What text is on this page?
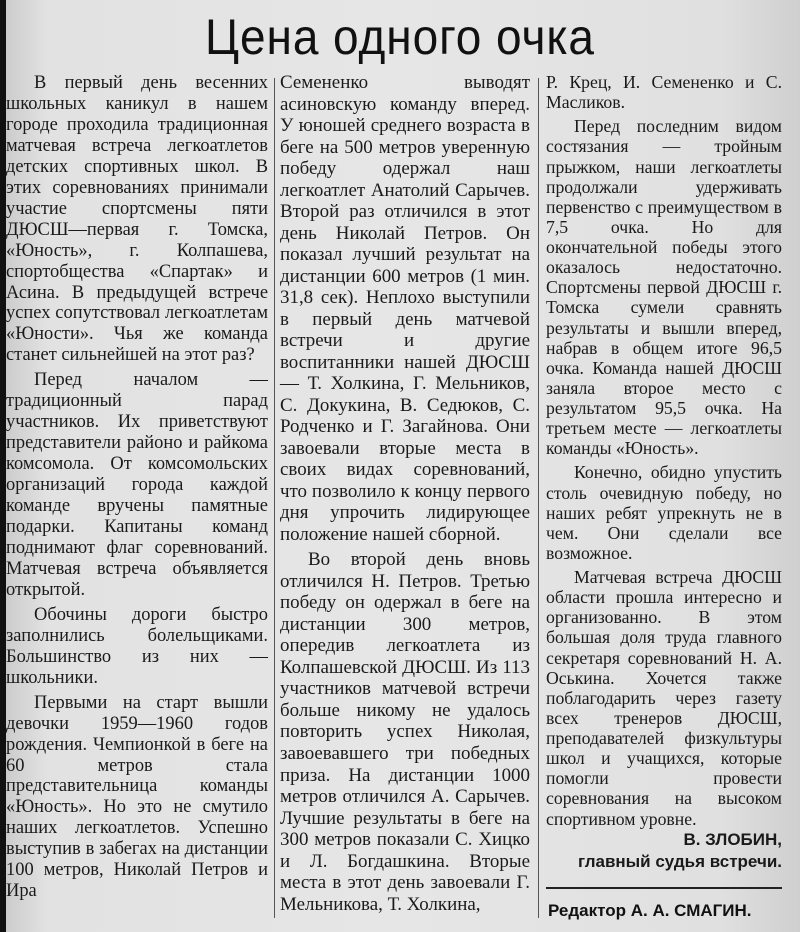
Цена одного очка

В первый день весенних школьных каникул в нашем городе проходила традиционная матчевая встреча легкоатлетов детских спортивных школ. В этих соревнованиях принимали участие спортсмены пяти ДЮСШ—первая г. Томска, «Юность», г. Колпашева, спортобщества «Спартак» и Асина. В предыдущей встрече успех сопутствовал легкоатлетам «Юности». Чья же команда станет сильнейшей на этот раз?

Перед началом — традиционный парад участников. Их приветствуют представители районо и райкома комсомола. От комсомольских организаций города каждой команде вручены памятные подарки. Капитаны команд поднимают флаг соревнований. Матчевая встреча объявляется открытой.

Обочины дороги быстро заполнились болельщиками. Большинство из них — школьники.

Первыми на старт вышли девочки 1959—1960 годов рождения. Чемпионкой в беге на 60 метров стала представительница команды «Юность». Но это не смутило наших легкоатлетов. Успешно выступив в забегах на дистанции 100 метров, Николай Петров и Ира

Семененко выводят асиновскую команду вперед. У юношей среднего возраста в беге на 500 метров уверенную победу одержал наш легкоатлет Анатолий Сарычев. Второй раз отличился в этот день Николай Петров. Он показал лучший результат на дистанции 600 метров (1 мин. 31,8 сек). Неплохо выступили в первый день матчевой встречи и другие воспитанники нашей ДЮСШ — Т. Холкина, Г. Мельников, С. Докукина, В. Седюков, С. Родченко и Г. Загайнова. Они завоевали вторые места в своих видах соревнований, что позволило к концу первого дня упрочить лидирующее положение нашей сборной.

Во второй день вновь отличился Н. Петров. Третью победу он одержал в беге на дистанции 300 метров, опередив легкоатлета из Колпашевской ДЮСШ. Из 113 участников матчевой встречи больше никому не удалось повторить успех Николая, завоевавшего три победных приза. На дистанции 1000 метров отличился А. Сарычев. Лучшие результаты в беге на 300 метров показали С. Хицко и Л. Богдашкина. Вторые места в этот день завоевали Г. Мельникова, Т. Холкина,

Р. Крец, И. Семененко и С. Масликов.

Перед последним видом состязания — тройным прыжком, наши легкоатлеты продолжали удерживать первенство с преимуществом в 7,5 очка. Но для окончательной победы этого оказалось недостаточно. Спортсмены первой ДЮСШ г. Томска сумели сравнять результаты и вышли вперед, набрав в общем итоге 96,5 очка. Команда нашей ДЮСШ заняла второе место с результатом 95,5 очка. На третьем месте — легкоатлеты команды «Юность».

Конечно, обидно упустить столь очевидную победу, но наших ребят упрекнуть не в чем. Они сделали все возможное.

Матчевая встреча ДЮСШ области прошла интересно и организованно. В этом большая доля труда главного секретаря соревнований Н. А. Оськина. Хочется также поблагодарить через газету всех тренеров ДЮСШ, преподавателей физкультуры школ и учащихся, которые помогли провести соревнования на высоком спортивном уровне.

В. ЗЛОБИН,
главный судья встречи.
Редактор А. А. СМАГИН.
